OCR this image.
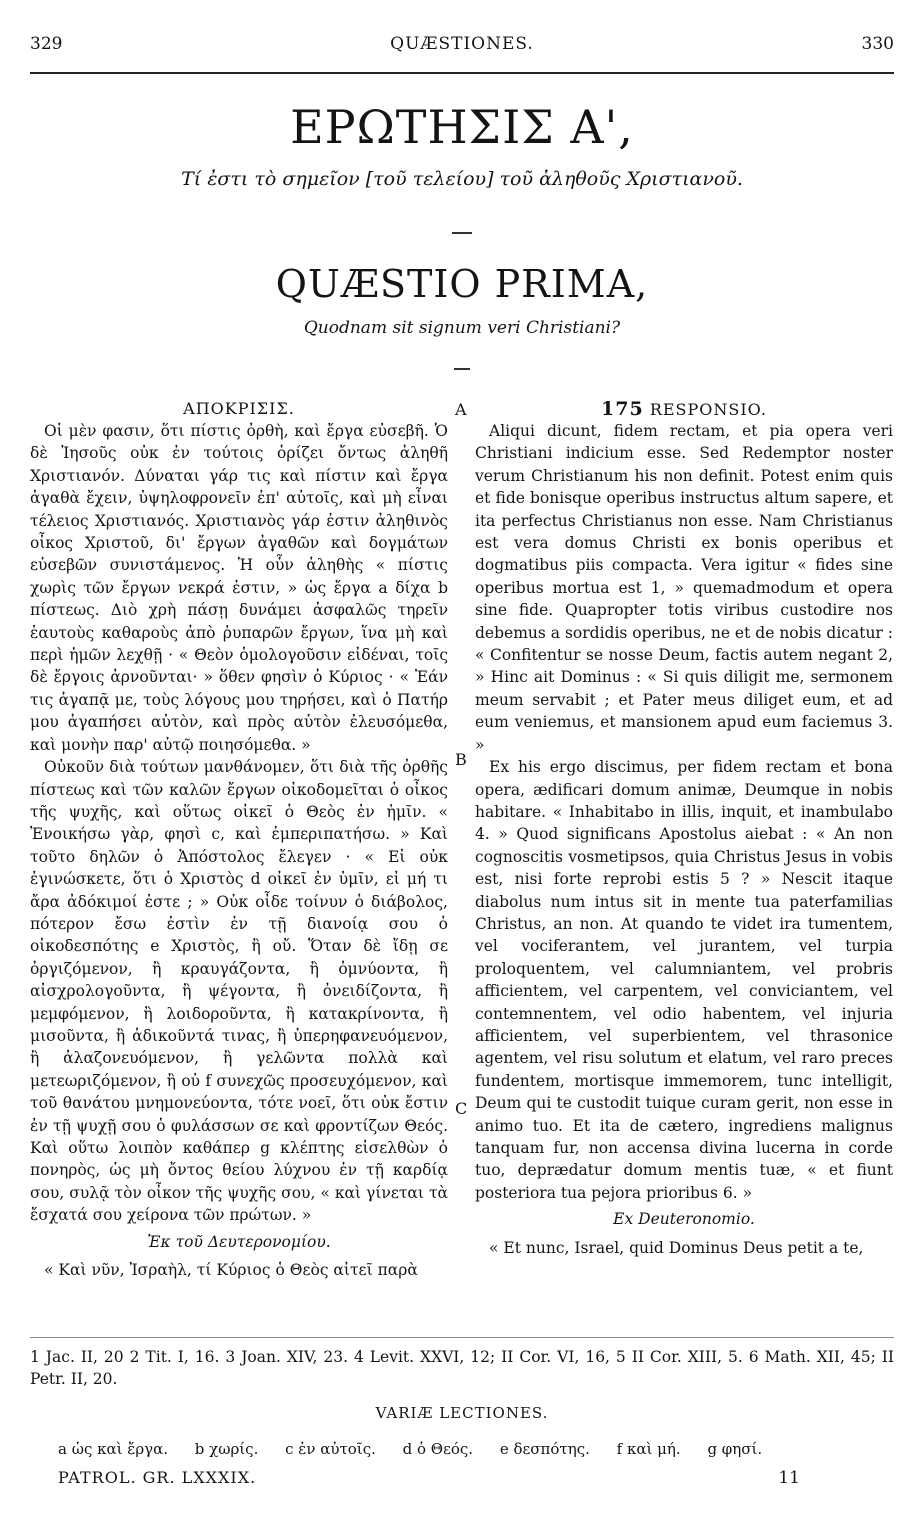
329	QUÆSTIONES.	330
ΕΡΩΤΗΣΙΣ Α',
Τί ἐστι τὸ σημεῖον [τοῦ τελείου] τοῦ ἀληθοῦς Χριστιανοῦ.
QUÆSTIO PRIMA,
Quodnam sit signum veri Christiani?
A
B
C
ΑΠΟΚΡΙΣΙΣ.

Οἱ μὲν φασιν, ὅτι πίστις ὀρθὴ, καὶ ἔργα εὐσεβῆ. Ὁ δὲ Ἰησοῦς οὐκ ἐν τούτοις ὁρίζει ὄντως ἀληθῆ Χριστιανόν. Δύναται γάρ τις καὶ πίστιν καὶ ἔργα ἀγαθὰ ἔχειν, ὑψηλοφρονεῖν ἐπ' αὐτοῖς, καὶ μὴ εἶναι τέλειος Χριστιανός. Χριστιανὸς γάρ ἐστιν ἀληθινὸς οἶκος Χριστοῦ, δι' ἔργων ἀγαθῶν καὶ δογμάτων εὐσεβῶν συνιστάμενος. Ἡ οὖν ἀληθὴς « πίστις χωρὶς τῶν ἔργων νεκρά ἐστιν, » ὡς ἔργα a δίχα b πίστεως. Διὸ χρὴ πάσῃ δυνάμει ἀσφαλῶς τηρεῖν ἑαυτοὺς καθαροὺς ἀπὸ ῥυπαρῶν ἔργων, ἵνα μὴ καὶ περὶ ἡμῶν λεχθῇ · « Θεὸν ὁμολογοῦσιν εἰδέναι, τοῖς δὲ ἔργοις ἀρνοῦνται· » ὅθεν φησὶν ὁ Κύριος · « Ἐάν τις ἀγαπᾷ με, τοὺς λόγους μου τηρήσει, καὶ ὁ Πατήρ μου ἀγαπήσει αὐτὸν, καὶ πρὸς αὐτὸν ἐλευσόμεθα, καὶ μονὴν παρ' αὐτῷ ποιησόμεθα. »

Οὐκοῦν διὰ τούτων μανθάνομεν, ὅτι διὰ τῆς ὀρθῆς πίστεως καὶ τῶν καλῶν ἔργων οἰκοδομεῖται ὁ οἶκος τῆς ψυχῆς, καὶ οὕτως οἰκεῖ ὁ Θεὸς ἐν ἡμῖν. « Ἐνοικήσω γὰρ, φησὶ c, καὶ ἐμπεριπατήσω. » Καὶ τοῦτο δηλῶν ὁ Ἀπόστολος ἔλεγεν · « Εἰ οὐκ ἐγινώσκετε, ὅτι ὁ Χριστὸς d οἰκεῖ ἐν ὑμῖν, εἰ μή τι ἄρα ἀδόκιμοί ἐστε ; » Οὐκ οἶδε τοίνυν ὁ διάβολος, πότερον ἔσω ἐστὶν ἐν τῇ διανοίᾳ σου ὁ οἰκοδεσπότης e Χριστὸς, ἢ οὔ. Ὅταν δὲ ἴδῃ σε ὀργιζόμενον, ἢ κραυγάζοντα, ἢ ὀμνύοντα, ἢ αἰσχρολογοῦντα, ἢ ψέγοντα, ἢ ὀνειδίζοντα, ἢ μεμφόμενον, ἢ λοιδοροῦντα, ἢ κατακρίνοντα, ἢ μισοῦντα, ἢ ἀδικοῦντά τινας, ἢ ὑπερηφανευόμενον, ἢ ἀλαζονευόμενον, ἢ γελῶντα πολλὰ καὶ μετεωριζόμενον, ἢ οὐ f συνεχῶς προσευχόμενον, καὶ τοῦ θανάτου μνημονεύοντα, τότε νοεῖ, ὅτι οὐκ ἔστιν ἐν τῇ ψυχῇ σου ὁ φυλάσσων σε καὶ φροντίζων Θεός. Καὶ οὕτω λοιπὸν καθάπερ g κλέπτης εἰσελθὼν ὁ πονηρὸς, ὡς μὴ ὄντος θείου λύχνου ἐν τῇ καρδίᾳ σου, συλᾷ τὸν οἶκον τῆς ψυχῆς σου, « καὶ γίνεται τὰ ἔσχατά σου χείρονα τῶν πρώτων. »

Ἐκ τοῦ Δευτερονομίου.

« Καὶ νῦν, Ἰσραὴλ, τί Κύριος ὁ Θεὸς αἰτεῖ παρὰ

175 RESPONSIO.

Aliqui dicunt, fidem rectam, et pia opera veri Christiani indicium esse. Sed Redemptor noster verum Christianum his non definit. Potest enim quis et fide bonisque operibus instructus altum sapere, et ita perfectus Christianus non esse. Nam Christianus est vera domus Christi ex bonis operibus et dogmatibus piis compacta. Vera igitur « fides sine operibus mortua est 1, » quemadmodum et opera sine fide. Quapropter totis viribus custodire nos debemus a sordidis operibus, ne et de nobis dicatur : « Confitentur se nosse Deum, factis autem negant 2, » Hinc ait Dominus : « Si quis diligit me, sermonem meum servabit ; et Pater meus diliget eum, et ad eum veniemus, et mansionem apud eum faciemus 3. »

Ex his ergo discimus, per fidem rectam et bona opera, ædificari domum animæ, Deumque in nobis habitare. « Inhabitabo in illis, inquit, et inambulabo 4. » Quod significans Apostolus aiebat : « An non cognoscitis vosmetipsos, quia Christus Jesus in vobis est, nisi forte reprobi estis 5 ? » Nescit itaque diabolus num intus sit in mente tua paterfamilias Christus, an non. At quando te videt ira tumentem, vel vociferantem, vel jurantem, vel turpia proloquentem, vel calumniantem, vel probris afficientem, vel carpentem, vel conviciantem, vel contemnentem, vel odio habentem, vel injuria afficientem, vel superbientem, vel thrasonice agentem, vel risu solutum et elatum, vel raro preces fundentem, mortisque immemorem, tunc intelligit, Deum qui te custodit tuique curam gerit, non esse in animo tuo. Et ita de cætero, ingrediens malignus tanquam fur, non accensa divina lucerna in corde tuo, deprædatur domum mentis tuæ, « et fiunt posteriora tua pejora prioribus 6. »

Ex Deuteronomio.

« Et nunc, Israel, quid Dominus Deus petit a te,

1 Jac. II, 20 2 Tit. I, 16. 3 Joan. XIV, 23. 4 Levit. XXVI, 12; II Cor. VI, 16, 5 II Cor. XIII, 5. 6 Math. XII, 45; II Petr. II, 20.
VARIÆ LECTIONES.
a ὡς καὶ ἔργα. b χωρίς. c ἐν αὐτοῖς. d ὁ Θεός. e δεσπότης. f καὶ μή. g φησί.
PATROL. GR. LXXXIX.	11
